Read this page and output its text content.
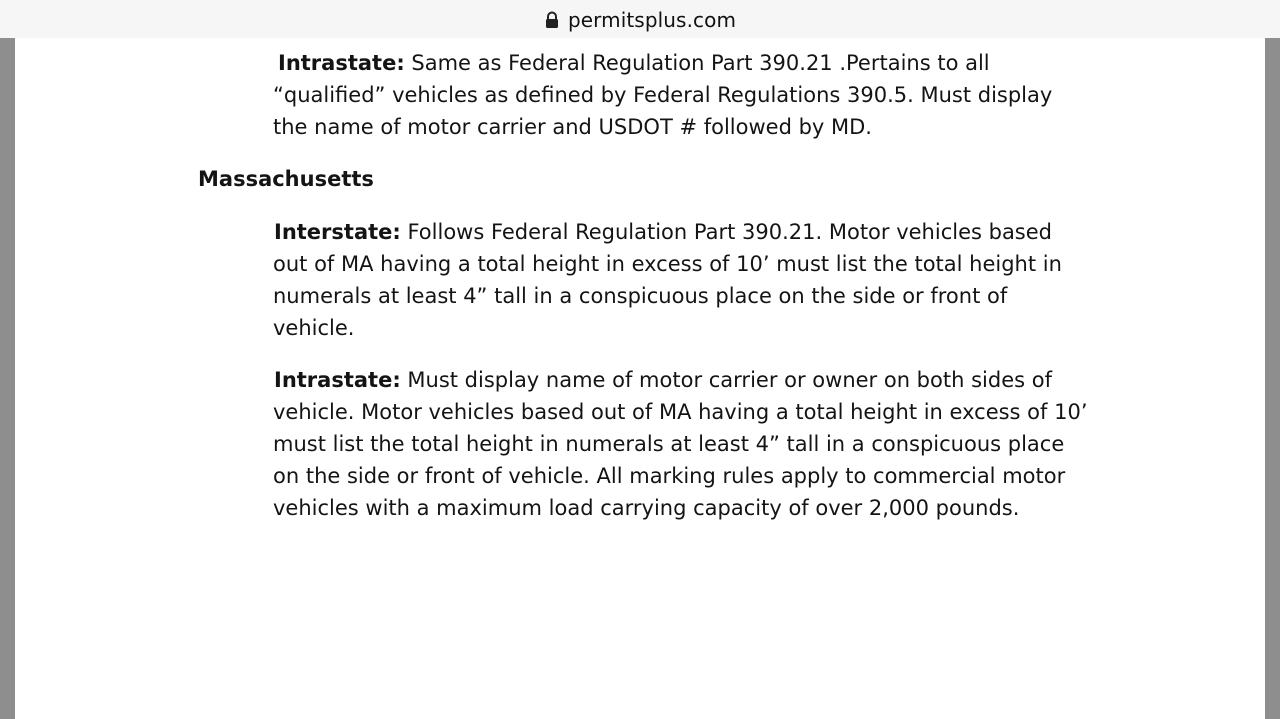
permitsplus.com

Intrastate: Same as Federal Regulation Part 390.21 .Pertains to all “qualified” vehicles as defined by Federal Regulations 390.5. Must display the name of motor carrier and USDOT # followed by MD.

Massachusetts

Interstate: Follows Federal Regulation Part 390.21. Motor vehicles based out of MA having a total height in excess of 10’ must list the total height in numerals at least 4” tall in a conspicuous place on the side or front of vehicle.

Intrastate: Must display name of motor carrier or owner on both sides of vehicle. Motor vehicles based out of MA having a total height in excess of 10’ must list the total height in numerals at least 4” tall in a conspicuous place on the side or front of vehicle. All marking rules apply to commercial motor vehicles with a maximum load carrying capacity of over 2,000 pounds.
